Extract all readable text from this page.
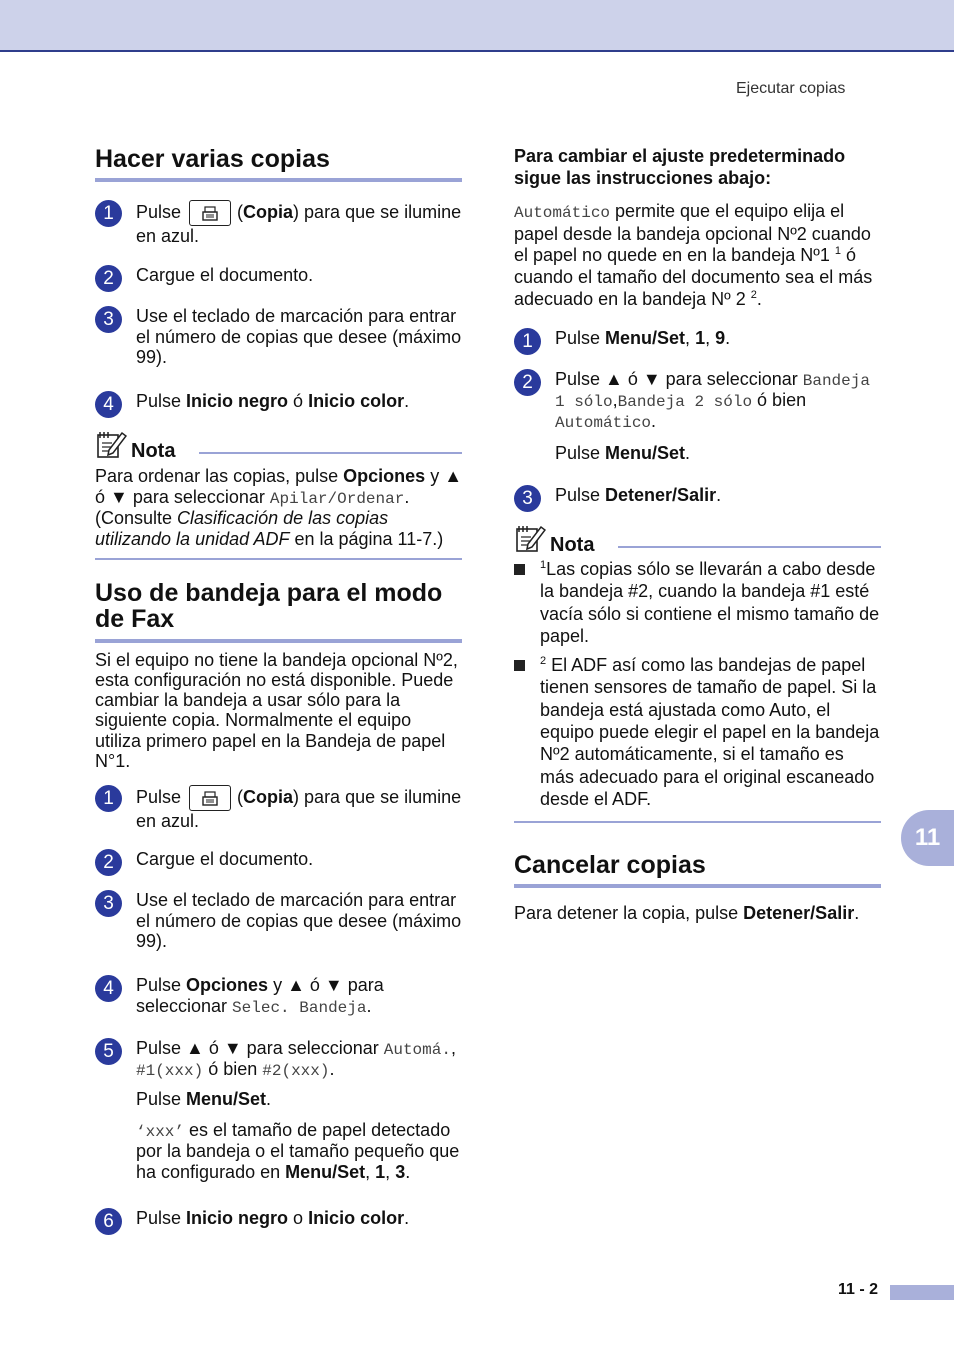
Ejecutar copias
Hacer varias copias
1	Pulse	(Copia) para que se ilumine en azul.
2	Cargue el documento.
3	Use el teclado de marcación para entrar el número de copias que desee (máximo 99).
4	Pulse Inicio negro ó Inicio color.
Nota
Para ordenar las copias, pulse Opciones y ▲ ó ▼ para seleccionar Apilar/Ordenar. (Consulte Clasificación de las copias utilizando la unidad ADF en la página 11-7.)
Uso de bandeja para el modo de Fax
Si el equipo no tiene la bandeja opcional Nº2, esta configuración no está disponible. Puede cambiar la bandeja a usar sólo para la siguiente copia. Normalmente el equipo utiliza primero papel en la Bandeja de papel N°1.
1	Pulse	(Copia) para que se ilumine en azul.
2	Cargue el documento.
3	Use el teclado de marcación para entrar el número de copias que desee (máximo 99).
4	Pulse Opciones y ▲ ó ▼ para seleccionar Selec. Bandeja.
5	Pulse ▲ ó ▼ para seleccionar Automá., #1(xxx) ó bien #2(xxx).
Pulse Menu/Set.
‘xxx’ es el tamaño de papel detectado por la bandeja o el tamaño pequeño que ha configurado en Menu/Set, 1, 3.
6	Pulse Inicio negro o Inicio color.
Para cambiar el ajuste predeterminado sigue las instrucciones abajo:
Automático permite que el equipo elija el papel desde la bandeja opcional Nº2 cuando el papel no quede en en la bandeja Nº1 $^1$ ó cuando el tamaño del documento sea el más adecuado en la bandeja Nº 2 $^2$.
1	Pulse Menu/Set, 1, 9.
2	Pulse ▲ ó ▼ para seleccionar Bandeja 1 sólo,Bandeja 2 sólo ó bien Automático.
Pulse Menu/Set.
3	Pulse Detener/Salir.
Nota
$^1$Las copias sólo se llevarán a cabo desde la bandeja #2, cuando la bandeja #1 esté vacía sólo si contiene el mismo tamaño de papel.
$^2$ El ADF así como las bandejas de papel tienen sensores de tamaño de papel. Si la bandeja está ajustada como Auto, el equipo puede elegir el papel en la bandeja Nº2 automáticamente, si el tamaño es más adecuado para el original escaneado desde el ADF.
Cancelar copias
Para detener la copia, pulse Detener/Salir.
11
11 - 2
